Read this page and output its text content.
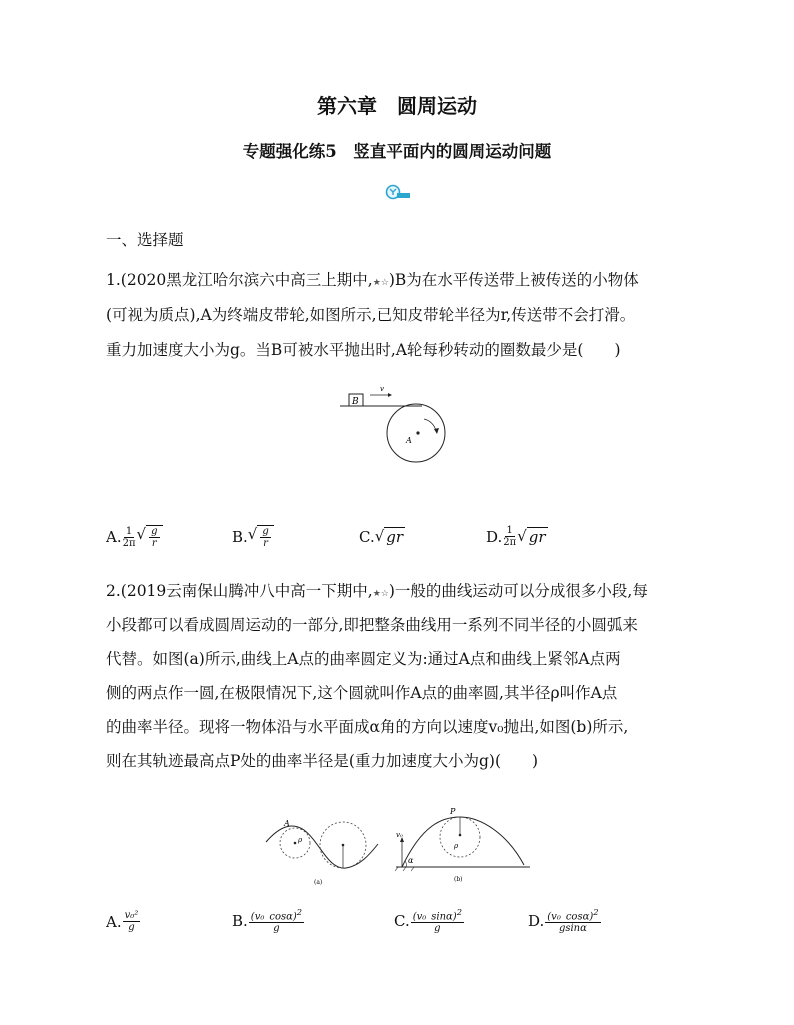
第六章　圆周运动
专题强化练5　竖直平面内的圆周运动问题
一、选择题
1.(2020黑龙江哈尔滨六中高三上期中,★☆)B为在水平传送带上被传送的小物体
(可视为质点),A为终端皮带轮,如图所示,已知皮带轮半径为r,传送带不会打滑。
重力加速度大小为g。当B可被水平抛出时,A轮每秒转动的圈数最少是(　　)
B
v
A
A. $\frac{1}{2\pi}$ √ $\frac{g}{r}$	B. √ $\frac{g}{r}$	C. √ gr	D. $\frac{1}{2\pi}$ √ gr
2.(2019云南保山腾冲八中高一下期中,★☆)一般的曲线运动可以分成很多小段,每
小段都可以看成圆周运动的一部分,即把整条曲线用一系列不同半径的小圆弧来
代替。如图(a)所示,曲线上A点的曲率圆定义为:通过A点和曲线上紧邻A点两
侧的两点作一圆,在极限情况下,这个圆就叫作A点的曲率圆,其半径ρ叫作A点
的曲率半径。现将一物体沿与水平面成α角的方向以速度v₀抛出,如图(b)所示,
则在其轨迹最高点P处的曲率半径是(重力加速度大小为g)(　　)
A
ρ
(a)
P
v₀
α
ρ
(b)
A. $\frac{\text{v₀²}}{g}$	B. $\frac{(v_0 \cos\alpha)^2}{g}$	C. $\frac{(v_0 \sin\alpha)^2}{g}$	D. $\frac{(v_0 \cos\alpha)^2}{gsin\alpha}$
